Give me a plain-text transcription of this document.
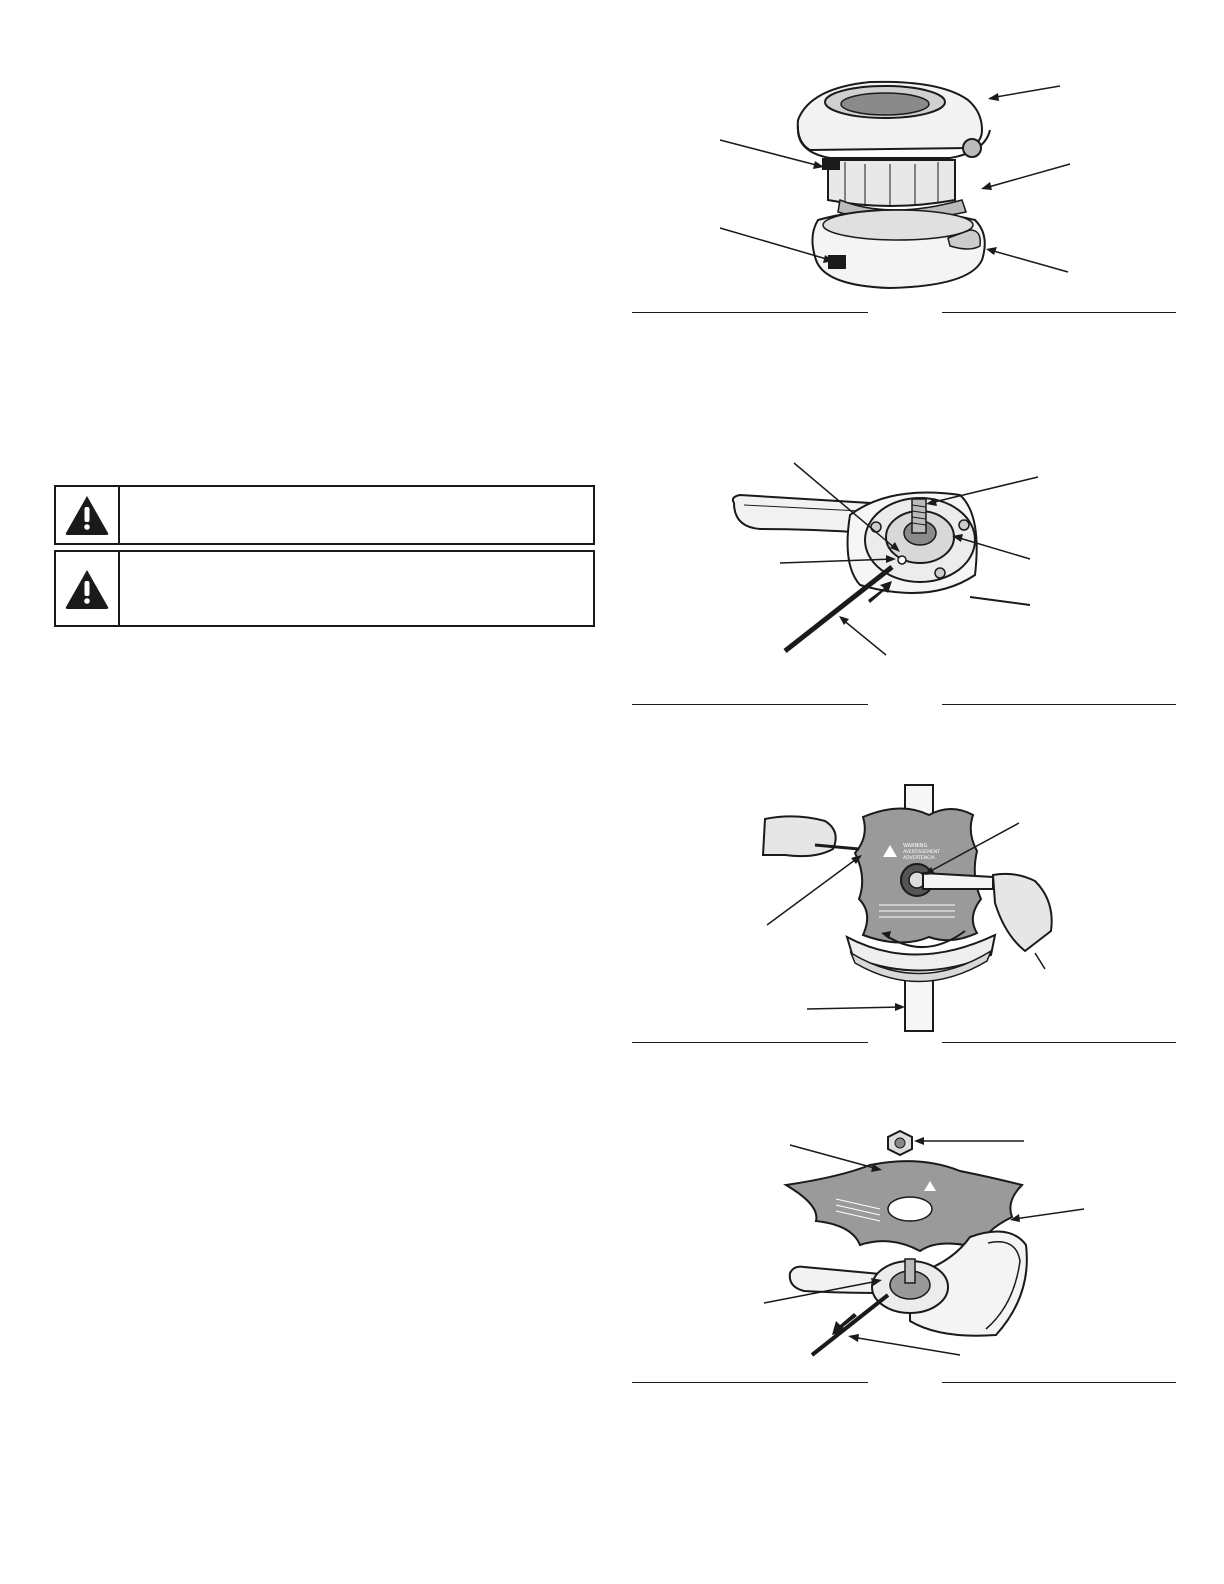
WARNING
AVERTISSEMENT
ADVERTENCIA
